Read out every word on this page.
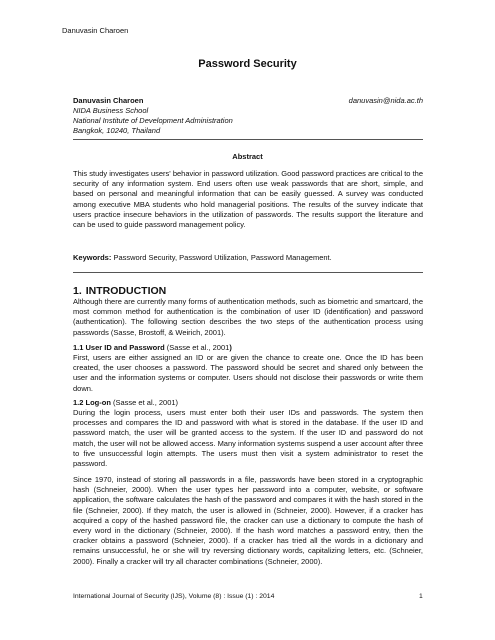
Danuvasin Charoen
Password Security
Danuvasin Charoen	danuvasin@nida.ac.th
NIDA Business School
National Institute of Development Administration
Bangkok, 10240, Thailand
Abstract
This study investigates users' behavior in password utilization. Good password practices are critical to the security of any information system. End users often use weak passwords that are short, simple, and based on personal and meaningful information that can be easily guessed. A survey was conducted among executive MBA students who hold managerial positions. The results of the survey indicate that users practice insecure behaviors in the utilization of passwords. The results support the literature and can be used to guide password management policy.
Keywords: Password Security, Password Utilization, Password Management.
1. INTRODUCTION
Although there are currently many forms of authentication methods, such as biometric and smartcard, the most common method for authentication is the combination of user ID (identification) and password (authentication). The following section describes the two steps of the authentication process using passwords (Sasse, Brostoff, & Weirich, 2001).
1.1 User ID and Password (Sasse et al., 2001)
First, users are either assigned an ID or are given the chance to create one. Once the ID has been created, the user chooses a password. The password should be secret and shared only between the user and the information systems or computer. Users should not disclose their passwords or write them down.
1.2 Log-on (Sasse et al., 2001)
During the login process, users must enter both their user IDs and passwords. The system then processes and compares the ID and password with what is stored in the database. If the user ID and password match, the user will be granted access to the system. If the user ID and password do not match, the user will not be allowed access. Many information systems suspend a user account after three to five unsuccessful login attempts. The users must then visit a system administrator to reset the password.
Since 1970, instead of storing all passwords in a file, passwords have been stored in a cryptographic hash (Schneier, 2000). When the user types her password into a computer, website, or software application, the software calculates the hash of the password and compares it with the hash stored in the file (Schneier, 2000). If they match, the user is allowed in (Schneier, 2000). However, if a cracker has acquired a copy of the hashed password file, the cracker can use a dictionary to compute the hash of every word in the dictionary (Schneier, 2000). If the hash word matches a password entry, then the cracker obtains a password (Schneier, 2000). If a cracker has tried all the words in a dictionary and remains unsuccessful, he or she will try reversing dictionary words, capitalizing letters, etc. (Schneier, 2000). Finally a cracker will try all character combinations (Schneier, 2000).
International Journal of Security (IJS), Volume (8) : Issue (1) : 2014	1
